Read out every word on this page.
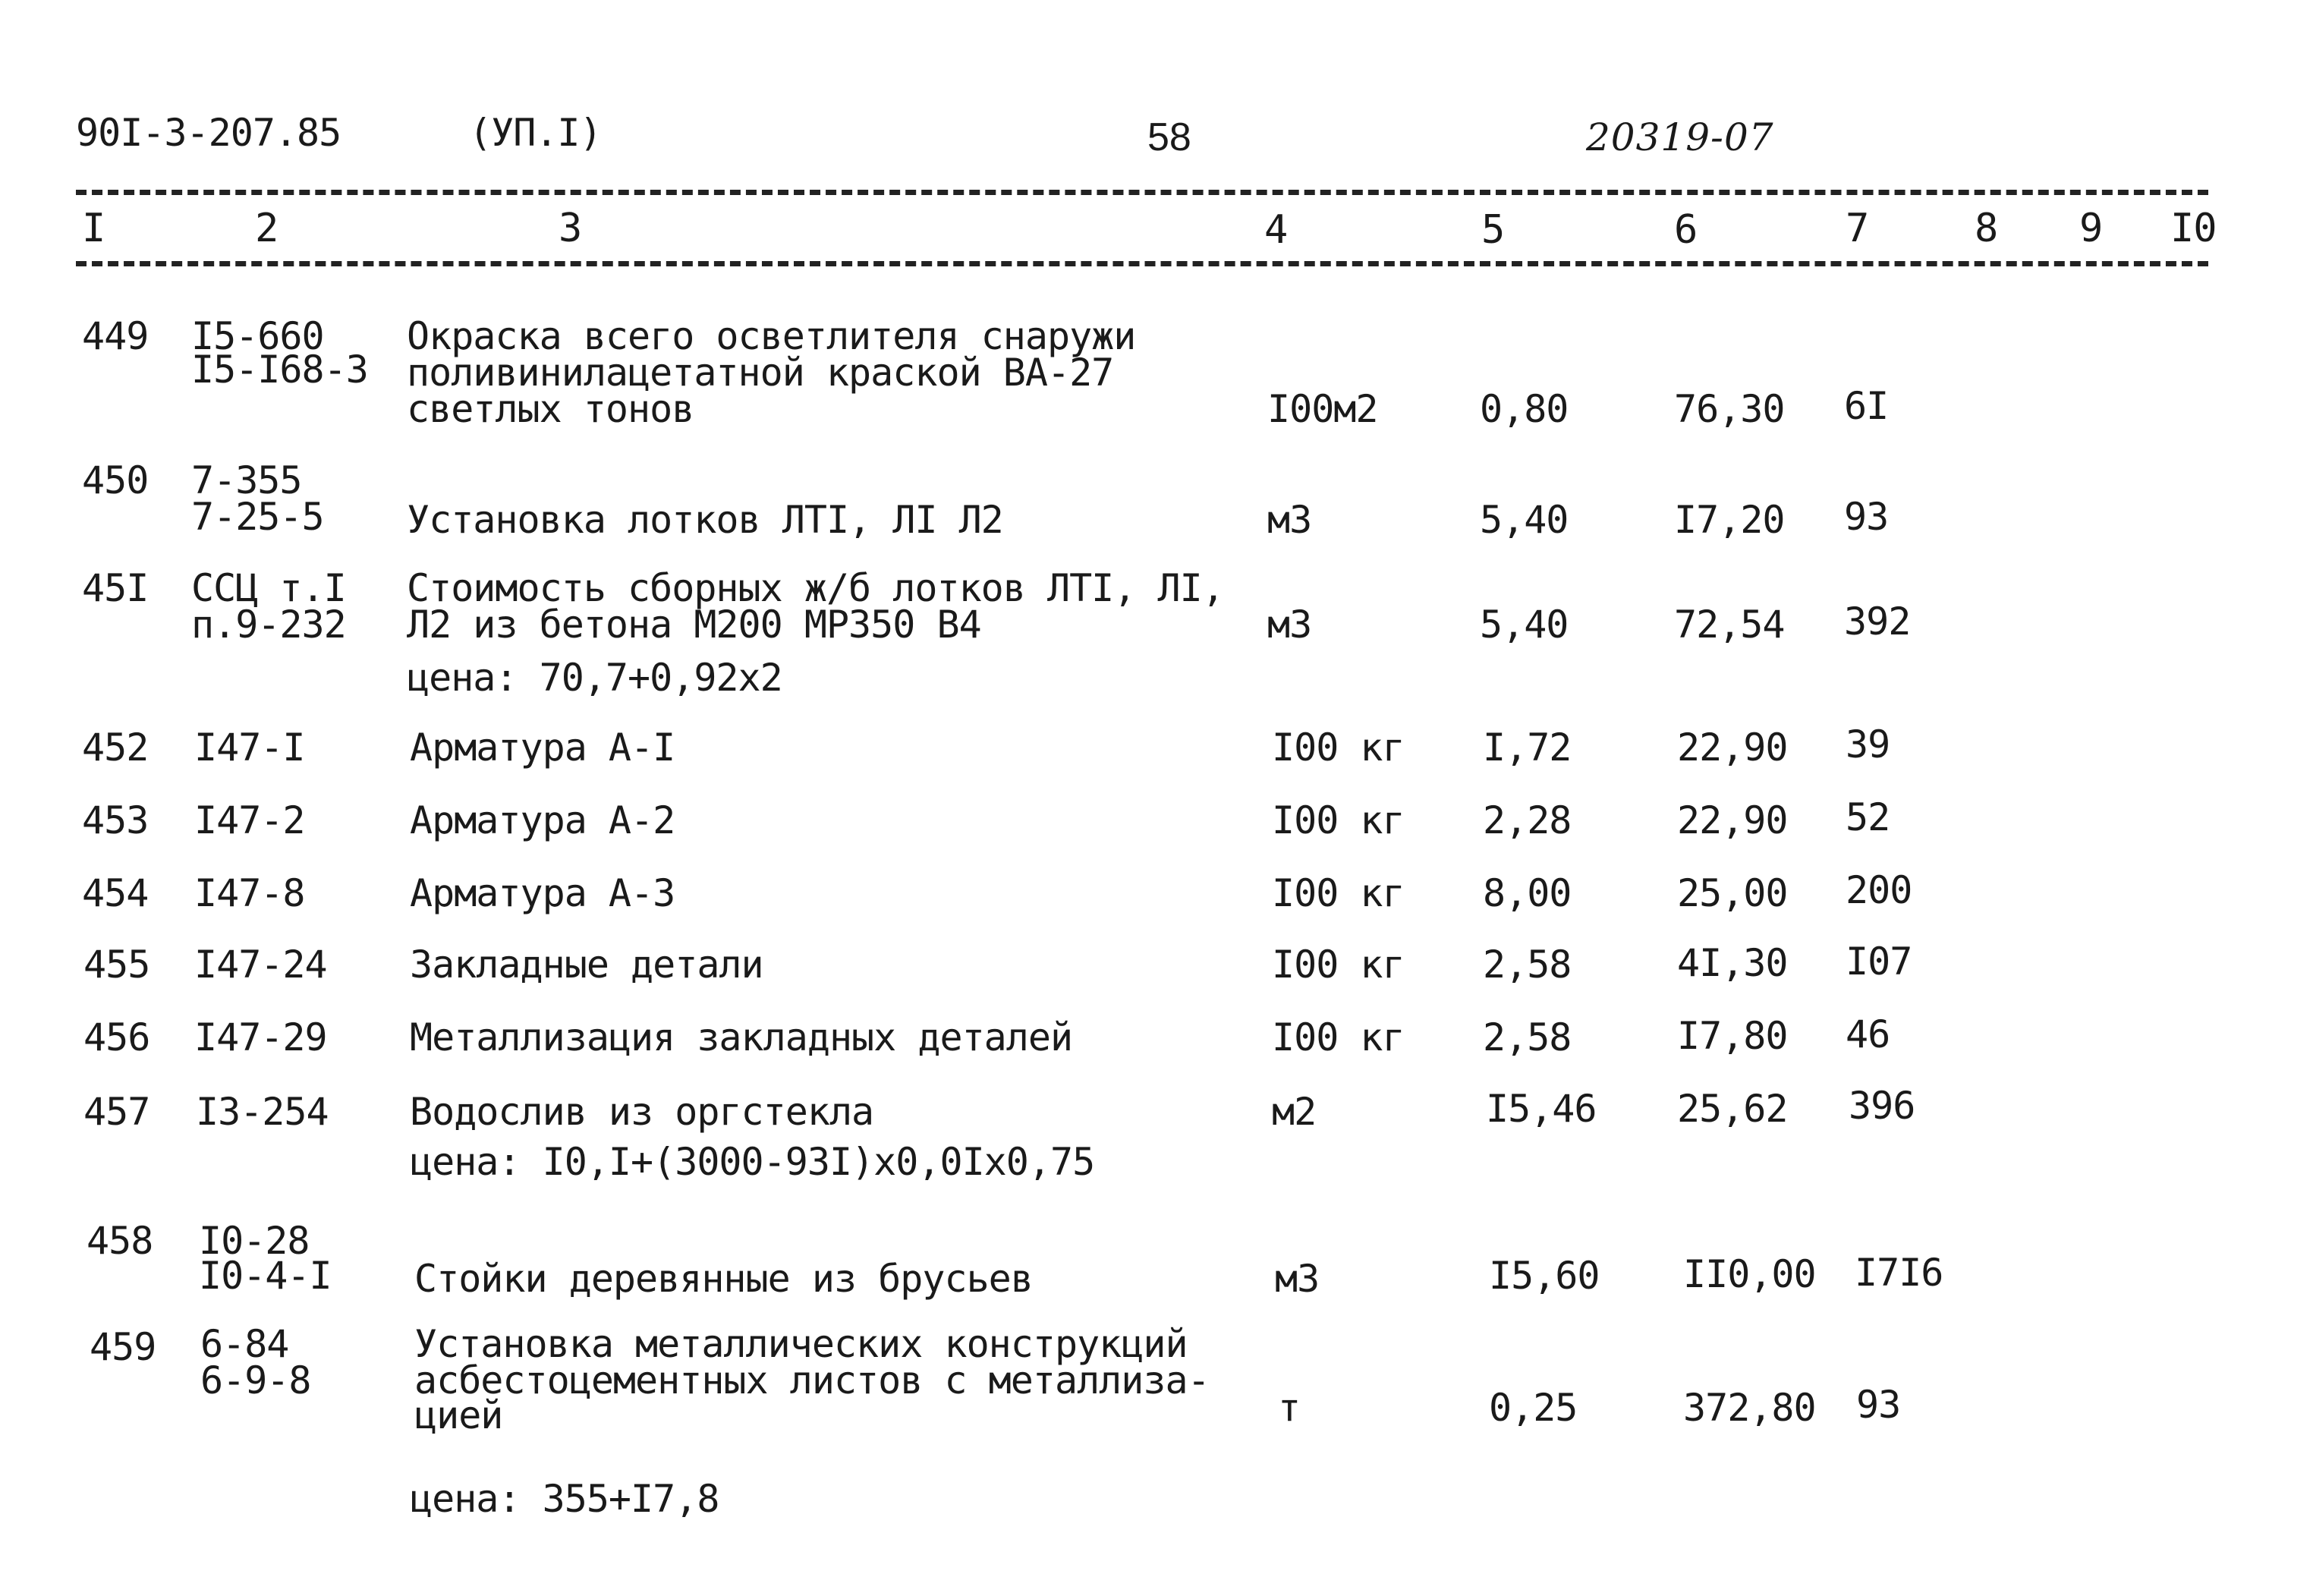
90I-3-207.85	(УП.I)	58	20319-07
I	2	3	4	5	6	7	8 9 I0
449 I5-660
I5-I68-3
Окраска всего осветлителя снаружи
поливинилацетатной краской ВА-27
светлых тонов	I00м2	0,80	76,30 6I
450 7-355
7-25-5 Установка лотков ЛТI, ЛI Л2	м3	5,40	I7,20 93
45I ССЦ т.I
п.9-232
Стоимость сборных ж/б лотков ЛТI, ЛI,
Л2 из бетона М200 МР350 В4
цена: 70,7+0,92х2
м3	5,40	72,54 392
452 I47-I	Арматура А-I	I00 кг I,72	22,90 39
453 I47-2	Арматура А-2	I00 кг 2,28	22,90 52
454 I47-8	Арматура А-3	I00 кг 8,00	25,00 200
455 I47-24 Закладные детали	I00 кг 2,58	4I,30 I07
456 I47-29 Металлизация закладных деталей	I00 кг 2,58	I7,80 46
457 I3-254 Водослив из оргстекла
цена: I0,I+(3000-93I)х0,0Iх0,75
м2	I5,46 25,62 396
458 I0-28
I0-4-I Стойки деревянные из брусьев	м3	I5,60 II0,00 I7I6
459 6-84
6-9-8
Установка металлических конструкций
асбестоцементных листов с металлиза-
цией
цена: 355+I7,8
т	0,25	372,80 93
